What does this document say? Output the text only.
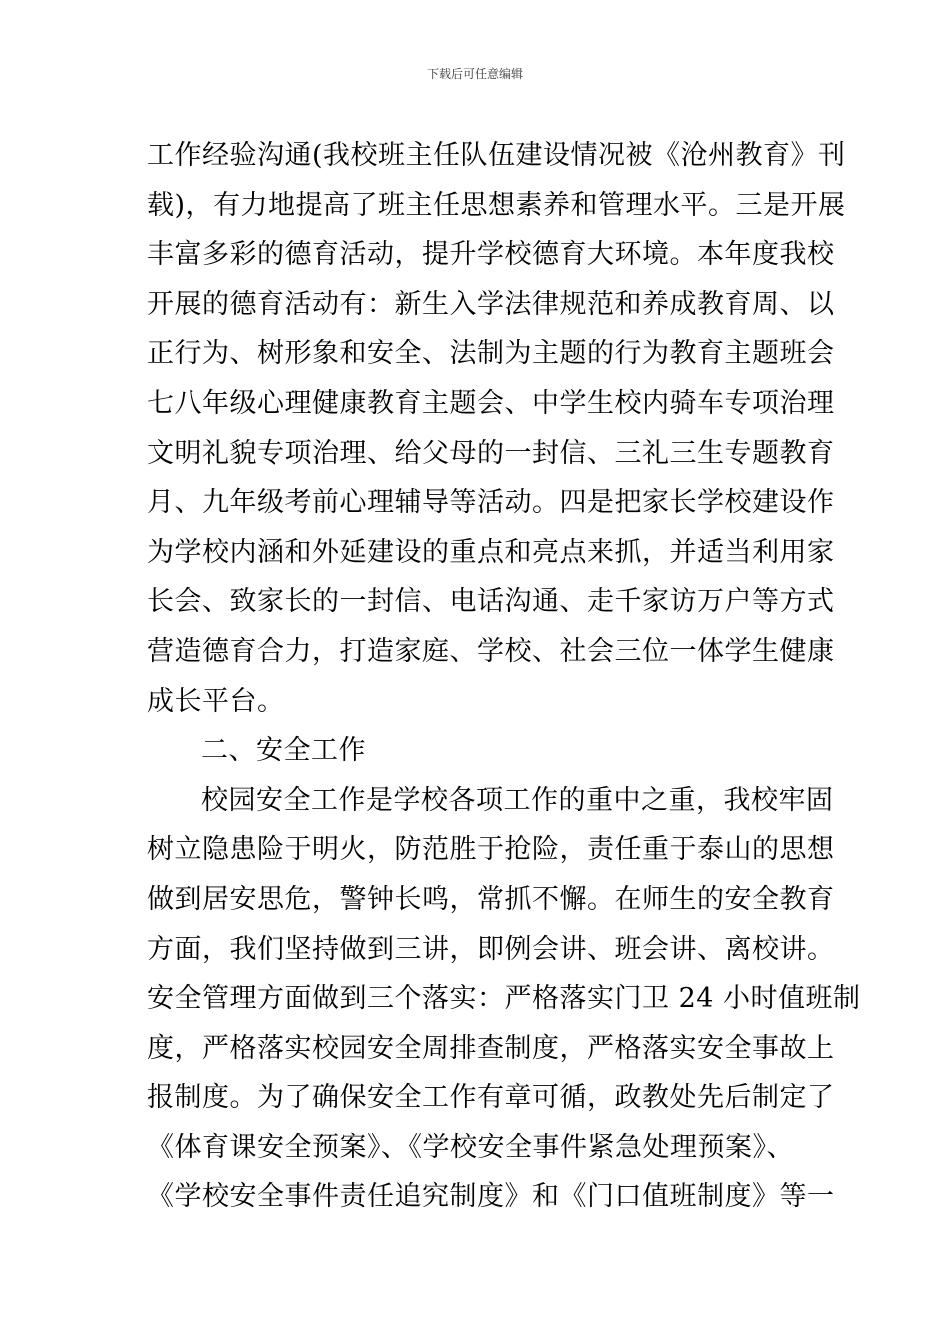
下载后可任意编辑
工作经验沟通(我校班主任队伍建设情况被《沧州教育》刊
载)，有力地提高了班主任思想素养和管理水平。三是开展
丰富多彩的德育活动，提升学校德育大环境。本年度我校
开展的德育活动有：新生入学法律规范和养成教育周、以
正行为、树形象和安全、法制为主题的行为教育主题班会
七八年级心理健康教育主题会、中学生校内骑车专项治理
文明礼貌专项治理、给父母的一封信、三礼三生专题教育
月、九年级考前心理辅导等活动。四是把家长学校建设作
为学校内涵和外延建设的重点和亮点来抓，并适当利用家
长会、致家长的一封信、电话沟通、走千家访万户等方式
营造德育合力，打造家庭、学校、社会三位一体学生健康
成长平台。
二、安全工作
校园安全工作是学校各项工作的重中之重，我校牢固
树立隐患险于明火，防范胜于抢险，责任重于泰山的思想
做到居安思危，警钟长鸣，常抓不懈。在师生的安全教育
方面，我们坚持做到三讲，即例会讲、班会讲、离校讲。
安全管理方面做到三个落实：严格落实门卫 24 小时值班制
度，严格落实校园安全周排查制度，严格落实安全事故上
报制度。为了确保安全工作有章可循，政教处先后制定了
《体育课安全预案》、《学校安全事件紧急处理预案》、
《学校安全事件责任追究制度》和《门口值班制度》等一
